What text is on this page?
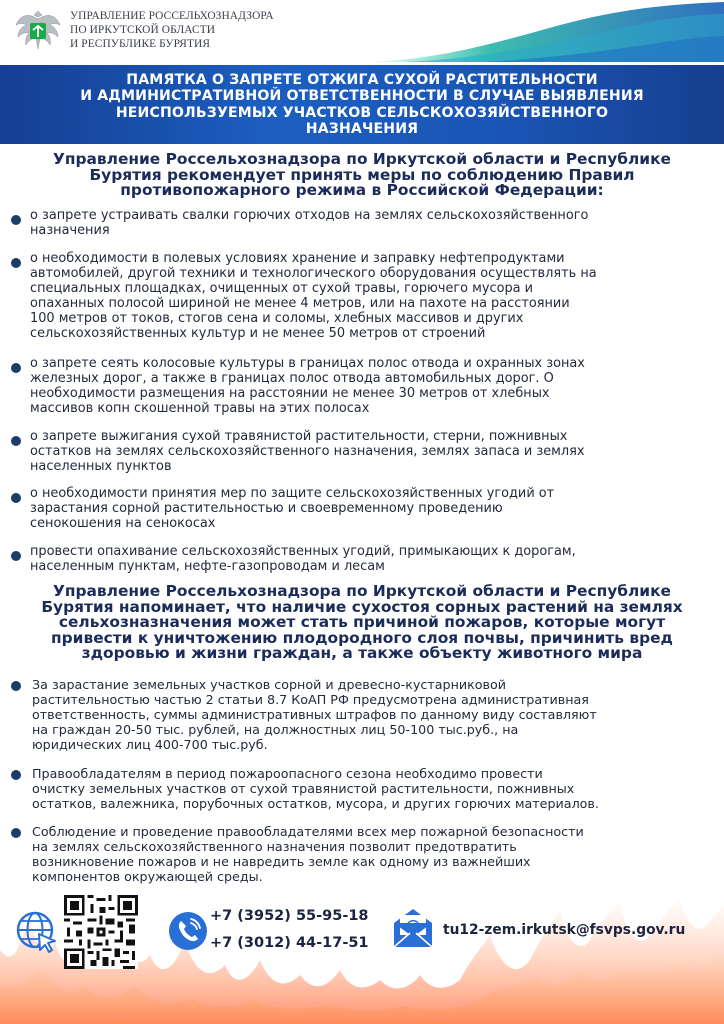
УПРАВЛЕНИЕ РОССЕЛЬХОЗНАДЗОРА
ПО ИРКУТСКОЙ ОБЛАСТИ
И РЕСПУБЛИКЕ БУРЯТИЯ
ПАМЯТКА О ЗАПРЕТЕ ОТЖИГА СУХОЙ РАСТИТЕЛЬНОСТИ
И АДМИНИСТРАТИВНОЙ ОТВЕТСТВЕННОСТИ В СЛУЧАЕ ВЫЯВЛЕНИЯ
НЕИСПОЛЬЗУЕМЫХ УЧАСТКОВ СЕЛЬСКОХОЗЯЙСТВЕННОГО
НАЗНАЧЕНИЯ
Управление Россельхознадзора по Иркутской области и Республике
Бурятия рекомендует принять меры по соблюдению Правил
противопожарного режима в Российской Федерации:
о запрете устраивать свалки горючих отходов на землях сельскохозяйственного
назначения
о необходимости в полевых условиях хранение и заправку нефтепродуктами
автомобилей, другой техники и технологического оборудования осуществлять на
специальных площадках, очищенных от сухой травы, горючего мусора и
опаханных полосой шириной не менее 4 метров, или на пахоте на расстоянии
100 метров от токов, стогов сена и соломы, хлебных массивов и других
сельскохозяйственных культур и не менее 50 метров от строений
о запрете сеять колосовые культуры в границах полос отвода и охранных зонах
железных дорог, а также в границах полос отвода автомобильных дорог. О
необходимости размещения на расстоянии не менее 30 метров от хлебных
массивов копн скошенной травы на этих полосах
о запрете выжигания сухой травянистой растительности, стерни, пожнивных
остатков на землях сельскохозяйственного назначения, землях запаса и землях
населенных пунктов
о необходимости принятия мер по защите сельскохозяйственных угодий от
зарастания сорной растительностью и своевременному проведению
сенокошения на сенокосах
провести опахивание сельскохозяйственных угодий, примыкающих к дорогам,
населенным пунктам, нефте-газопроводам и лесам
Управление Россельхознадзора по Иркутской области и Республике
Бурятия напоминает, что наличие сухостоя сорных растений на землях
сельхозназначения может стать причиной пожаров, которые могут
привести к уничтожению плодородного слоя почвы, причинить вред
здоровью и жизни граждан, а также объекту животного мира
За зарастание земельных участков сорной и древесно-кустарниковой
растительностью частью 2 статьи 8.7 КоАП РФ предусмотрена административная
ответственность, суммы административных штрафов по данному виду составляют
на граждан 20-50 тыс. рублей, на должностных лиц 50-100 тыс.руб., на
юридических лиц 400-700 тыс.руб.
Правообладателям в период пожароопасного сезона необходимо провести
очистку земельных участков от сухой травянистой растительности, пожнивных
остатков, валежника, порубочных остатков, мусора, и других горючих материалов.
Соблюдение и проведение правообладателями всех мер пожарной безопасности
на землях сельскохозяйственного назначения позволит предотвратить
возникновение пожаров и не навредить земле как одному из важнейших
компонентов окружающей среды.
+7 (3952) 55-95-18
+7 (3012) 44-17-51
tu12-zem.irkutsk@fsvps.gov.ru
